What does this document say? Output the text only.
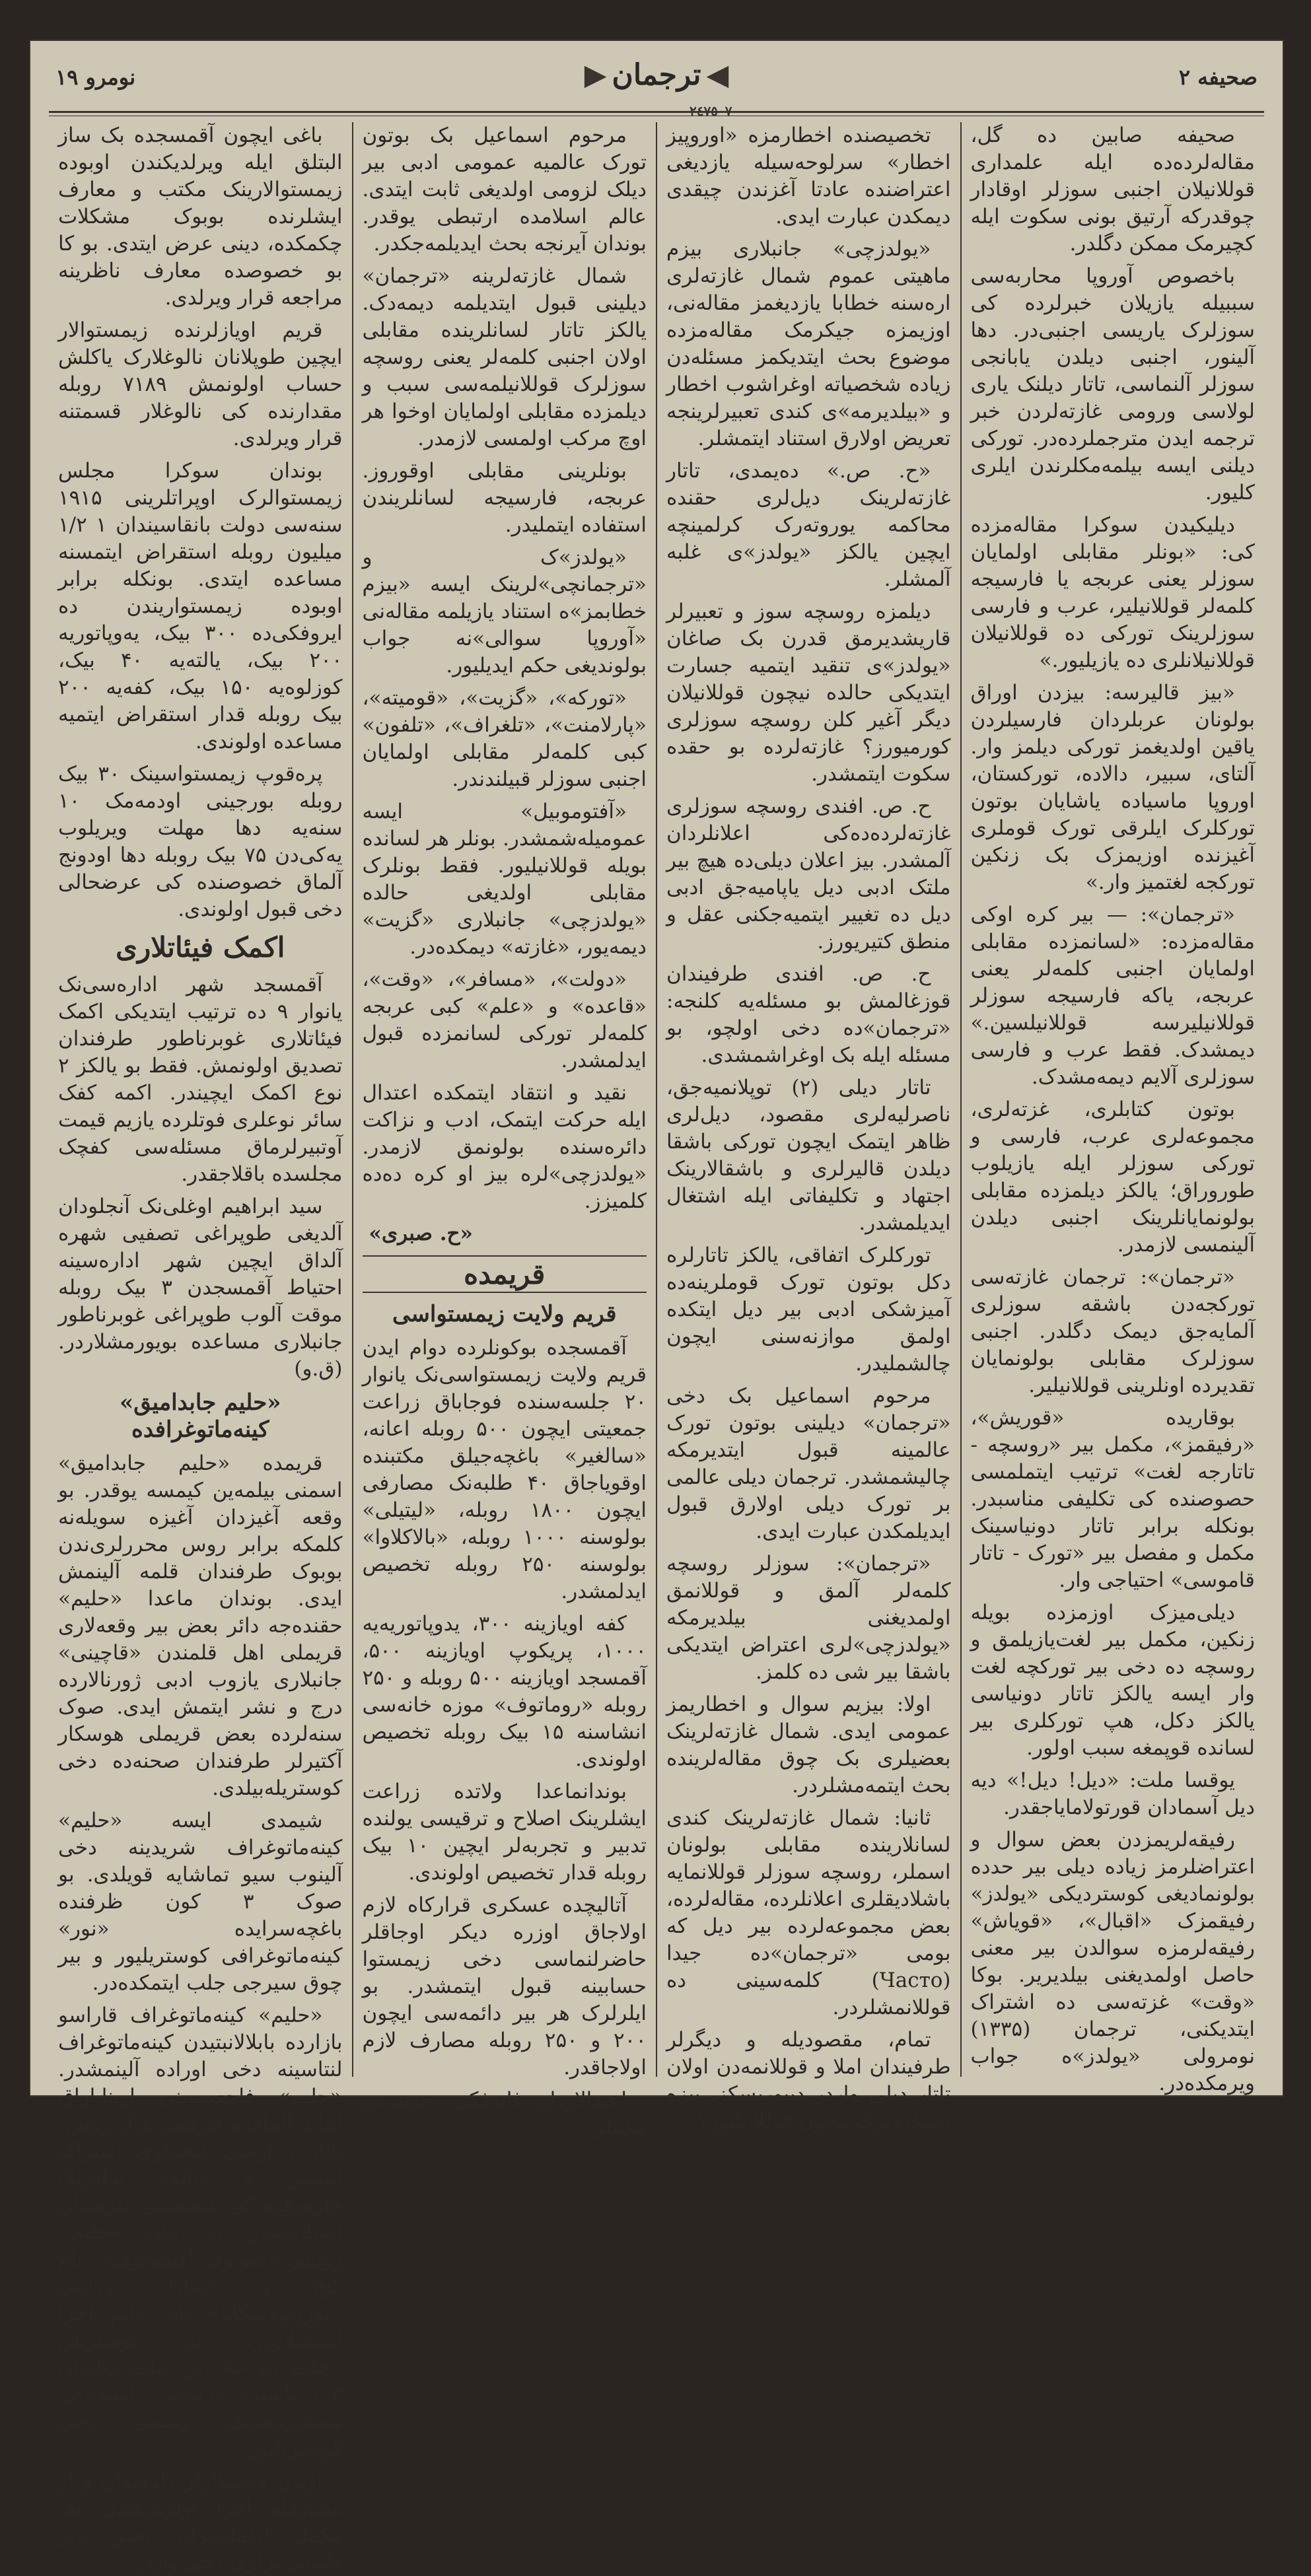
صحيفه ٢
◀ترجمان▶
نومرو ١٩
٢٤٧٥٠٧

صحيفه صابين ده گل، مقاله‌لرده‌ده ایله علمداری قوللانیلان اجنبی سوزلر اوقادار چوقدرکه آرتیق بونی سکوت ایله کچیرمک ممکن دگلدر.

باخصوص آوروپا محاربه‌سی سببیله یازیلان خبرلرده کی سوزلرک یاریسی اجنبی‌در. دها آلینور، اجنبی دیلدن یابانجی سوزلر آلنماسی، تاتار دیلنک یاری لولاسی ورومی غازته‌لردن خبر ترجمه ایدن مترجملرده‌در. تورکی دیلنی ایسه بیلمه‌مکلرندن ایلری کلیور.

دیلیکیدن سوکرا مقاله‌مزده کی: «بونلر مقابلی اولمایان سوزلر یعنی عربجه یا فارسیجه کلمه‌لر قوللانیلیر، عرب و فارسی سوزلرینک تورکی ده قوللانیلان قوللانیلانلری ده یازیلیور.»

«بیز قالیرسه: بیزدن اوراق بولونان عربلردان فارسیلردن یاقین اولدیغمز تورکی دیلمز وار. آلتای، سبیر، دالاده، تورکستان، اوروپا ماسیاده یاشایان بوتون تورکلرک ایلرقی تورک قوملری آغیزنده اوزیمزک بک زنکین تورکجه لغتمیز وار.»

«ترجمان»: — بیر کره اوکی مقاله‌مزده: «لسانمزده مقابلی اولمایان اجنبی کلمه‌لر یعنی عربجه، یاکه فارسیجه سوزلر قوللانیلیرسه قوللانیلسین.» دیمشدک. فقط عرب و فارسی سوزلری آلایم دیمه‌مشدک.

بوتون کتابلری، غزته‌لری، مجموعه‌لری عرب، فارسی و تورکی سوزلر ایله یازیلوب طوروراق؛ یالکز دیلمزده مقابلی بولونمایانلرینک اجنبی دیلدن آلینمسی لازمدر.

«ترجمان»: ترجمان غازته‌سی تورکجه‌دن باشقه سوزلری آلمایه‌جق دیمک دگلدر. اجنبی سوزلرک مقابلی بولونمایان تقدیرده اونلرینی قوللانیلیر.

بوقاریده «قوریش»، «رفیقمز»، مکمل بیر «روسچه - تاتارجه لغت» ترتیب ایتملمسی حصوصنده کی تکلیفی مناسبدر. بونکله برابر تاتار دونیاسینک مکمل و مفصل بیر «تورک - تاتار قاموسی» احتیاجی وار.

دیلی‌میزک اوزمزده بویله زنکین، مکمل بیر لغت‌یازیلمق و روسچه ده دخی بیر تورکچه لغت وار ایسه یالکز تاتار دونیاسی یالکز دکل، هپ تورکلری بیر لسانده قوپمغه سبب اولور.

یوقسا ملت: «دیل! دیل!» دیه دیل آسمادان قورتولامایاجقدر.

رفیقه‌لریمزدن بعض سوال و اعتراضلرمز زیاده دیلی بیر حد‌ده بولونمادیغی کوستردیکی «یولدز» رفیقمزک «اقبال»، «قویاش» رفیقه‌لرمزه سوالدن بیر معنی حاصل اولمدیغنی بیلدیریر. بوکا «وقت» غزته‌سی ده اشتراک ایتدیکنی، ترجمان (۱۳۳۵) نومرولی «یولدز»ه جواب ویرمکده‌در.

تخصیصنده اخطارمزه «اوروپیز اخطار» سرلوحه‌سیله یازدیغی اعتراضنده عادتا آغزندن چیقدی دیمکدن عبارت ایدی.

«یولدزچی» جانبلاری بیزم ماهیتی عموم شمال غازته‌لری اره‌سنه خطابا یازدیغمز مقاله‌نی، اوزیمزه جیکرمک مقاله‌مزده موضوع بحث ایتدیکمز مسئله‌دن زیاده شخصیاته اوغراشوب اخطار و «بیلدیرمه»ی کندی تعبیرلرینجه تعریض اولارق استناد ایتمشلر.

«ح. ص.» ده‌یمدی، تاتار غازته‌لرینک دیل‌لری حقنده محاکمه یوروته‌رک کرلمینچه ایچین یالکز «یولدز»ی غلبه آلمشلر.

دیلمزه روسچه سوز و تعبیرلر قاریشدیرمق قدرن بک صاغان «یولدز»ی تنقید ایتمیه جسارت ایتدیکی حالده نیچون قوللانیلان دیگر آغیر کلن روسچه سوزلری کورمیورز؟ غازته‌لرده بو حقده سکوت ایتمشدر.

ح. ص. افندی روسچه سوزلری غازته‌لرده‌ده‌کی اعلانلردان آلمشدر. بیز اعلان دیلی‌ده هیچ بیر ملتک ادبی دیل یاپامیه‌جق ادبی دیل ده تغییر ایتمیه‌جکنی عقل و منطق کتیریورز.

ح. ص. افندی طرفیندان قوزغالمش بو مسئله‌یه کلنجه: «ترجمان»ده دخی اولچو، بو مسئله ایله بک اوغراشمشدی.

تاتار دیلی (۲) توپلانمیه‌جق، ناصرلیه‌لری مقصود، دیل‌لری ظاهر ایتمک ایچون تورکی باشقا دیلدن قالیرلری و باشقالارینک اجتهاد و تکلیفاتی ایله اشتغال ایدیلمشدر.

تورکلرک اتفاقی، یالکز تاتارلره دکل بوتون تورک قوملرینه‌ده آمیزشکی ادبی بیر دیل ایتکده اولمق موازنه‌سنی ایچون چالشملیدر.

مرحوم اسماعیل بک دخی «ترجمان» دیلینی بوتون تورک عالمینه قبول ایتدیرمکه چالیشمشدر. ترجمان دیلی عالمی بر تورک دیلی اولارق قبول ایدیلمکدن عبارت ایدی.

«ترجمان»: سوزلر روسچه کلمه‌لر آلمق و قوللانمق اولمدیغنی بیلدیرمکه «یولدزچی»لری اعتراض ایتدیکی باشقا بیر شی ده کلمز.

اولا: بیزیم سوال و اخطاریمز عمومی ایدی. شمال غازته‌لرینک بعضیلری بک چوق مقاله‌لرینده بحث ایتمه‌مشلردر.

ثانیا: شمال غازته‌لرینک کندی لسانلارینده مقابلی بولونان اسملر، روسچه سوزلر قوللانمایه باشلادیقلری اعلانلرده، مقاله‌لرده، بعض مجموعه‌لرده بیر دیل که بومی «ترجمان»ده جیدا (Часто) کلمه‌سینی ده قوللانمشلردر.

تمام، مقصودیله و دیگرلر طرفیندان املا و قوللانمه‌دن اولان تاتار دیلی واردر دیبوریسکز، بیزه دیمکده‌ترک نیچون قوللانیلیور؟

مرحوم اسماعیل بک بوتون تورک عالمیه عمومی ادبی بیر دیلک لزومی اولدیغی ثابت ایتدی. عالم اسلامده ارتبطی یوقدر. بوندان آیرنجه بحث ایدیلمه‌جکدر.

شمال غازته‌لرینه «ترجمان» دیلینی قبول ایتدیلمه دیمه‌دک. یالکز تاتار لسانلرینده مقابلی اولان اجنبی کلمه‌لر یعنی روسچه سوزلرک قوللانیلمه‌سی سبب و دیلمزده مقابلی اولمایان اوخوا هر اوچ مرکب اولمسی لازمدر.

بونلرینی مقابلی اوقوروز. عربجه، فارسیجه لسانلریندن استفاده ایتملیدر.

«یولدز»ک و «ترجمانچی»لرینک ایسه «بیزم خطابمز»ه استناد یازیلمه مقاله‌نی «آوروپا سوالی»نه جواب بولوندیغی حکم ایدیلیور.

«تورکه»، «گزیت»، «قومیته»، «پارلامنت»، «تلغراف»، «تلفون» کبی کلمه‌لر مقابلی اولمایان اجنبی سوزلر قبیلندندر.

«آفتوموبیل» ایسه عمومیله‌شمشدر. بونلر هر لسانده بویله قوللانیلیور. فقط بونلرک مقابلی اولدیغی حالده «یولدزچی» جانبلاری «گزیت» دیمه‌یور، «غازته» دیمکده‌در.

«دولت»، «مسافر»، «وقت»، «قاعده» و «علم» کبی عربجه کلمه‌لر تورکی لسانمزده قبول ایدلمشدر.

نقید و انتقاد ایتمکده اعتدال ایله حرکت ایتمک، ادب و نزاکت دائره‌سنده بولونمق لازمدر. «یولدزچی»لره بیز او کره ده‌ده کلمیزز.

«ح. صبری»
قریمده
قریم ولایت زیمستواسی

آقمسجده بوکونلرده دوام ایدن قریم ولایت زیمستواسی‌نک یانوار ۲۰ جلسه‌سنده فوجاباق زراعت جمعیتی ایچون ۵۰۰ روبله اعانه، «سالغیر» باغچه‌جیلق مکتبنده اوقویاجاق ۴۰ طلبه‌نک مصارفی ایچون ۱۸۰۰ روبله، «لیتیلی» بولوسنه ۱۰۰۰ روبله، «بالاکلاوا» بولوسنه ۲۵۰ روبله تخصیص ایدلمشدر.

کفه اویازینه ۳۰۰، یدوپاتوریه‌یه ۱۰۰۰، پریکوپ اویازینه ۵۰۰، آقمسجد اویازینه ۵۰۰ روبله و ۲۵۰ روبله «روماتوف» موزه خانه‌سی انشاسنه ۱۵ بیک روبله تخصیص اولوندی.

بوندانماعدا ولاتده زراعت ایشلرینک اصلاح و ترقیسی یولنده تدبیر و تجربه‌لر ایچین ۱۰ بیک روبله قدار تخصیص اولوندی.

آتالیچده عسکری قرارکاه لازم اولاجاق اوزره دیکر اوجاقلر حاضرلنماسی دخی زیمستوا حسابینه قبول ایتمشدر. بو ایلرلرک هر بیر دائمه‌سی ایچون ۲۰۰ و ۲۵۰ روبله مصارف لازم اولاجاقدر.

اعتدالاردان غایه‌فکی: حزینه‌دن مکتبلر

باغی ایچون آقمسجده بک ساز البتلق ایله ویرلدیکندن اوبوده زیمستوالارینک مکتب و معارف ایشلرنده بوبوک مشکلات چکمکده، دینی عرض ایتدی. بو کا بو خصوصده معارف ناظرینه مراجعه قرار ویرلدی.

قریم اویازلرنده زیمستوالار ایچین طوپلانان نالوغلارک یاکلش حساب اولونمش ۷۱۸۹ روبله مقدارنده کی نالوغلار قسمتنه قرار ویرلدی.

بوندان سوکرا مجلس زیمستوالرک اوپراتلرینی ۱۹۱۵ سنه‌سی دولت بانقاسیندان ۱ ۱/۲ میلیون روبله استقراض ایتمسنه مساعده ایتدی. بونکله برابر اوبوده زیمستواریندن ده ایروفکی‌ده ۳۰۰ بیک، یه‌وپاتوریه ۲۰۰ بیک، یالته‌یه ۴۰ بیک، کوزلوه‌یه ۱۵۰ بیک، کفه‌یه ۲۰۰ بیک روبله قدار استقراض ایتمیه مساعده اولوندی.

پره‌قوپ زیمستواسینک ۳۰ بیک روبله بورجینی اودمه‌مک ۱۰ سنه‌یه دها مهلت ویریلوب یه‌کی‌دن ۷۵ بیک روبله دها اودونج آلماق خصوصنده کی عرضحالی دخی قبول اولوندی.

اکمک فیئاتلاری

آقمسجد شهر اداره‌سی‌نک یانوار ۹ ده ترتیب ایتدیکی اکمک فیئاتلاری غوبرناطور طرفندان تصدیق اولونمش. فقط بو یالکز ۲ نوع اکمک ایچیندر. اکمه کفک سائر نوعلری فوتلرده یازیم قیمت آوتبیرلرماق مسئله‌سی کفچک مجلسده باقلاجقدر.

سید ابراهیم اوغلی‌نک آنجلودان آلدیغی طوپراغی تصفیی شهره آلداق ایچین شهر اداره‌سینه احتیاط آقمسجدن ۳ بیک روبله موقت آلوب طوپراغی غوبرناطور جانبلاری مساعده بویورمشلاردر. (ق.و)

«حلیم جابدامیق» کینه‌ماتوغرافده

قریمده «حلیم جابدامیق» اسمنی بیلمه‌ین کیمسه یوقدر. بو وقعه آغیزدان آغیزه سویله‌نه کلمکه برابر روس محرر‌لری‌ندن بوبوک طرفندان قلمه آلینمش ایدی. بوندان ماعدا «حلیم» حقنده‌جه دائر بعض بیر وقعه‌لاری قریملی اهل قلمندن «قاچینی» جانبلاری یازوب ادبی ژورنالارده درج و نشر ایتمش ایدی. صوک سنه‌لرده بعض قریملی هوسکار آکتیرلر طرفندان صحنه‌ده دخی کوستریله‌بیلدی.

شیمدی ایسه «حلیم» کینه‌ماتوغراف شریدینه دخی آلینوب سیو تماشایه قویلدی. بو صوک ۳ کون ظرفنده باغچه‌سرایده «نور» کینه‌ماتوغرافی کوستریلیور و بیر چوق سیرجی جلب ایتمکده‌در.

«حلیم» کینه‌ماتوغراف قاراسو بازارده بابلالانبتیدن کینه‌ماتوغراف لنتاسینه دخی اوراده آلینمشدر. «حلیم» فاجعه‌سینی اوینایاراق لنتایه آلماقده قاراسو بازار روس، تاتار و ارمنی کنجه‌لری اشتراک ایتمش و «بانه» برادرلک خارقوفده کی شعبه‌سی طرفندان ایشلنمشدر. بو لنتاده «حلیم» رولینی «صوبوف-آقیمیچوف»، نام کنج و «سارا» رولینی «بوروتوفسکایا» نام خانم اجرا ایتمشلاردر. بو کوستریلن «حلیم»ده حلا بیر حیات بولونان ۱۰۲ یاشنده «زلیخه» تامینده‌کی همشیره‌سینک رسمی دخی کوستریلیور.

اوبون هوسکارلر طرفندان و آز مصارفله اجرا اولوندیغندن یک مکمل اولمایه‌برابر بعض غیر طبیعی یرلری دخی واردر.
